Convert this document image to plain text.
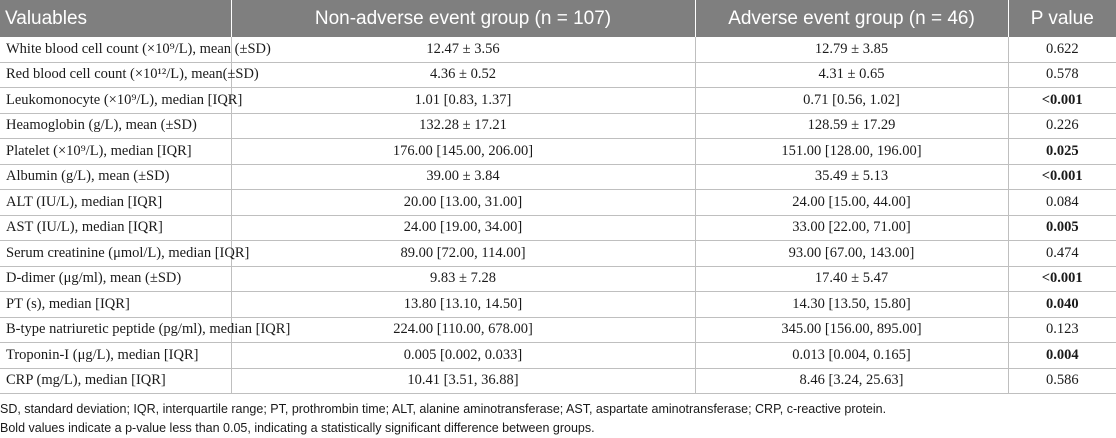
Valuables	Non-adverse event group (n = 107)	Adverse event group (n = 46)	P value
White blood cell count (×10⁹/L), mean (±SD)	12.47 ± 3.56	12.79 ± 3.85	0.622
Red blood cell count (×10¹²/L), mean(±SD)	4.36 ± 0.52	4.31 ± 0.65	0.578
Leukomonocyte (×10⁹/L), median [IQR]	1.01 [0.83, 1.37]	0.71 [0.56, 1.02]	<0.001
Heamoglobin (g/L), mean (±SD)	132.28 ± 17.21	128.59 ± 17.29	0.226
Platelet (×10⁹/L), median [IQR]	176.00 [145.00, 206.00]	151.00 [128.00, 196.00]	0.025
Albumin (g/L), mean (±SD)	39.00 ± 3.84	35.49 ± 5.13	<0.001
ALT (IU/L), median [IQR]	20.00 [13.00, 31.00]	24.00 [15.00, 44.00]	0.084
AST (IU/L), median [IQR]	24.00 [19.00, 34.00]	33.00 [22.00, 71.00]	0.005
Serum creatinine (μmol/L), median [IQR]	89.00 [72.00, 114.00]	93.00 [67.00, 143.00]	0.474
D-dimer (μg/ml), mean (±SD)	9.83 ± 7.28	17.40 ± 5.47	<0.001
PT (s), median [IQR]	13.80 [13.10, 14.50]	14.30 [13.50, 15.80]	0.040
B-type natriuretic peptide (pg/ml), median [IQR]	224.00 [110.00, 678.00]	345.00 [156.00, 895.00]	0.123
Troponin-I (μg/L), median [IQR]	0.005 [0.002, 0.033]	0.013 [0.004, 0.165]	0.004
CRP (mg/L), median [IQR]	10.41 [3.51, 36.88]	8.46 [3.24, 25.63]	0.586

SD, standard deviation; IQR, interquartile range; PT, prothrombin time; ALT, alanine aminotransferase; AST, aspartate aminotransferase; CRP, c-reactive protein.

Bold values indicate a p-value less than 0.05, indicating a statistically significant difference between groups.
